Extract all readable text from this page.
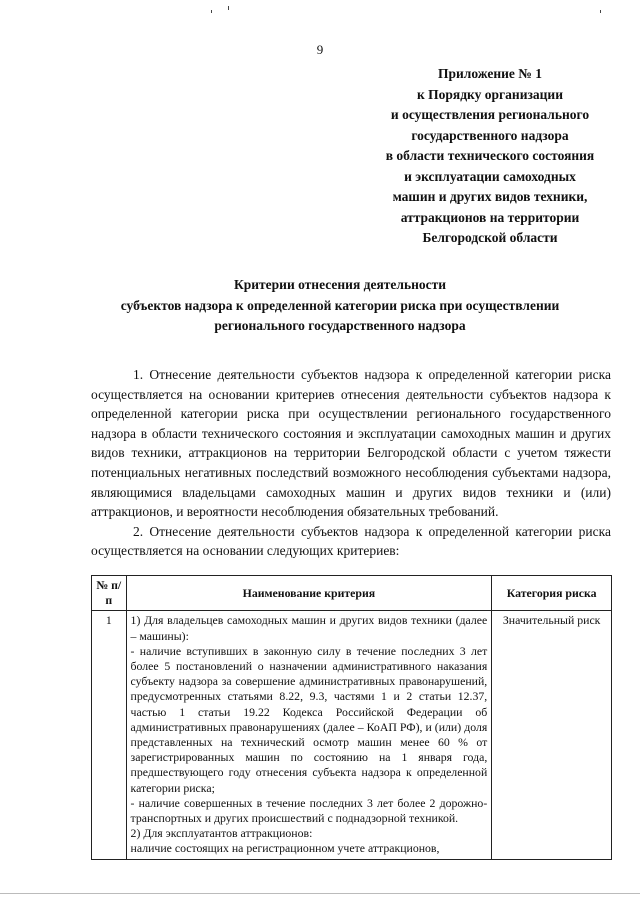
9
Приложение № 1
к Порядку организации
и осуществления регионального
государственного надзора
в области технического состояния
и эксплуатации самоходных
машин и других видов техники,
аттракционов на территории
Белгородской области
Критерии отнесения деятельности
субъектов надзора к определенной категории риска при осуществлении
регионального государственного надзора

1. Отнесение деятельности субъектов надзора к определенной категории риска осуществляется на основании критериев отнесения деятельности субъектов надзора к определенной категории риска при осуществлении регионального государственного надзора в области технического состояния и эксплуатации самоходных машин и других видов техники, аттракционов на территории Белгородской области с учетом тяжести потенциальных негативных последствий возможного несоблюдения субъектами надзора, являющимися владельцами самоходных машин и других видов техники и (или) аттракционов, и вероятности несоблюдения обязательных требований.

2. Отнесение деятельности субъектов надзора к определенной категории риска осуществляется на основании следующих критериев:

№ п/п	Наименование критерия	Категория риска
1	1) Для владельцев самоходных машин и других видов техники (далее – машины):
- наличие вступивших в законную силу в течение последних 3 лет более 5 постановлений о назначении административного наказания субъекту надзора за совершение административных правонарушений, предусмотренных статьями 8.22, 9.3, частями 1 и 2 статьи 12.37, частью 1 статьи 19.22 Кодекса Российской Федерации об административных правонарушениях (далее – КоАП РФ), и (или) доля представленных на технический осмотр машин менее 60 % от зарегистрированных машин по состоянию на 1 января года, предшествующего году отнесения субъекта надзора к определенной категории риска;
- наличие совершенных в течение последних 3 лет более 2 дорожно-транспортных и других происшествий с поднадзорной техникой.
2) Для эксплуатантов аттракционов:
наличие состоящих на регистрационном учете аттракционов,	Значительный риск
